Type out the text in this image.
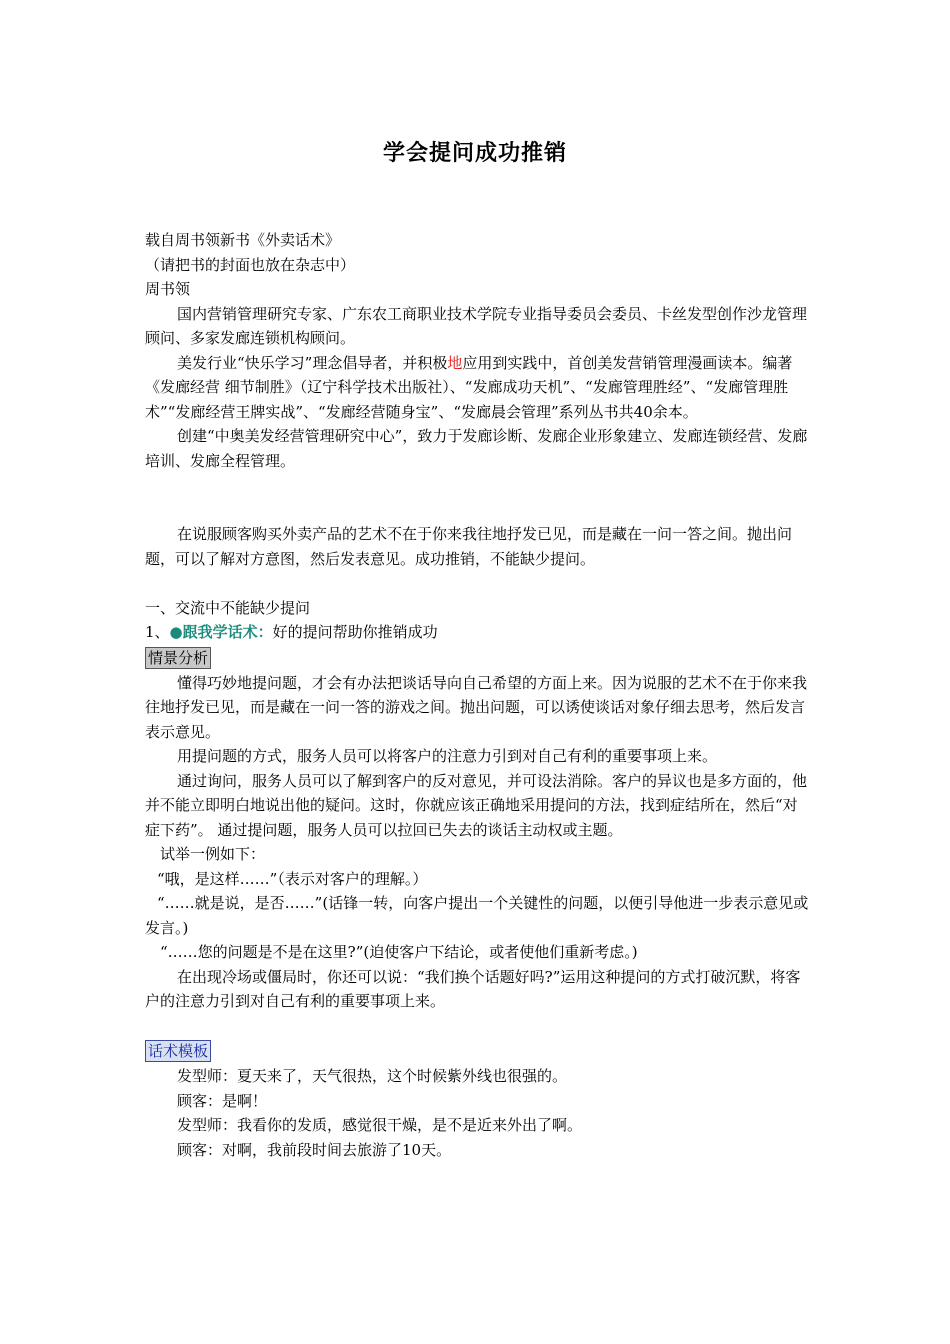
学会提问成功推销

载自周书领新书《外卖话术》

（请把书的封面也放在杂志中）

周书领

国内营销管理研究专家、广东农工商职业技术学院专业指导委员会委员、卡丝发型创作沙龙管理顾问、多家发廊连锁机构顾问。

美发行业“快乐学习”理念倡导者，并积极地应用到实践中，首创美发营销管理漫画读本。编著《发廊经营 细节制胜》（辽宁科学技术出版社）、“发廊成功天机”、“发廊管理胜经”、“发廊管理胜术”“发廊经营王牌实战”、“发廊经营随身宝”、“发廊晨会管理”系列丛书共40余本。

创建“中奥美发经营管理研究中心”，致力于发廊诊断、发廊企业形象建立、发廊连锁经营、发廊培训、发廊全程管理。

在说服顾客购买外卖产品的艺术不在于你来我往地抒发已见，而是藏在一问一答之间。抛出问题，可以了解对方意图，然后发表意见。成功推销，不能缺少提问。

一、交流中不能缺少提问

1、●跟我学话术：好的提问帮助你推销成功

情景分析

懂得巧妙地提问题，才会有办法把谈话导向自己希望的方面上来。因为说服的艺术不在于你来我往地抒发已见，而是藏在一问一答的游戏之间。抛出问题，可以诱使谈话对象仔细去思考，然后发言表示意见。

用提问题的方式，服务人员可以将客户的注意力引到对自己有利的重要事项上来。

通过询问，服务人员可以了解到客户的反对意见，并可设法消除。客户的异议也是多方面的，他并不能立即明白地说出他的疑问。这时，你就应该正确地采用提问的方法，找到症结所在，然后“对症下药”。 通过提问题，服务人员可以拉回已失去的谈话主动权或主题。

试举一例如下：

“哦，是这样……”（表示对客户的理解。）

“……就是说，是否……”(话锋一转，向客户提出一个关键性的问题，以便引导他进一步表示意见或发言。)

“……您的问题是不是在这里?”(迫使客户下结论，或者使他们重新考虑。)

在出现冷场或僵局时，你还可以说：“我们换个话题好吗?”运用这种提问的方式打破沉默，将客户的注意力引到对自己有利的重要事项上来。

话术模板

发型师：夏天来了，天气很热，这个时候紫外线也很强的。

顾客：是啊！

发型师：我看你的发质，感觉很干燥，是不是近来外出了啊。

顾客：对啊，我前段时间去旅游了10天。
